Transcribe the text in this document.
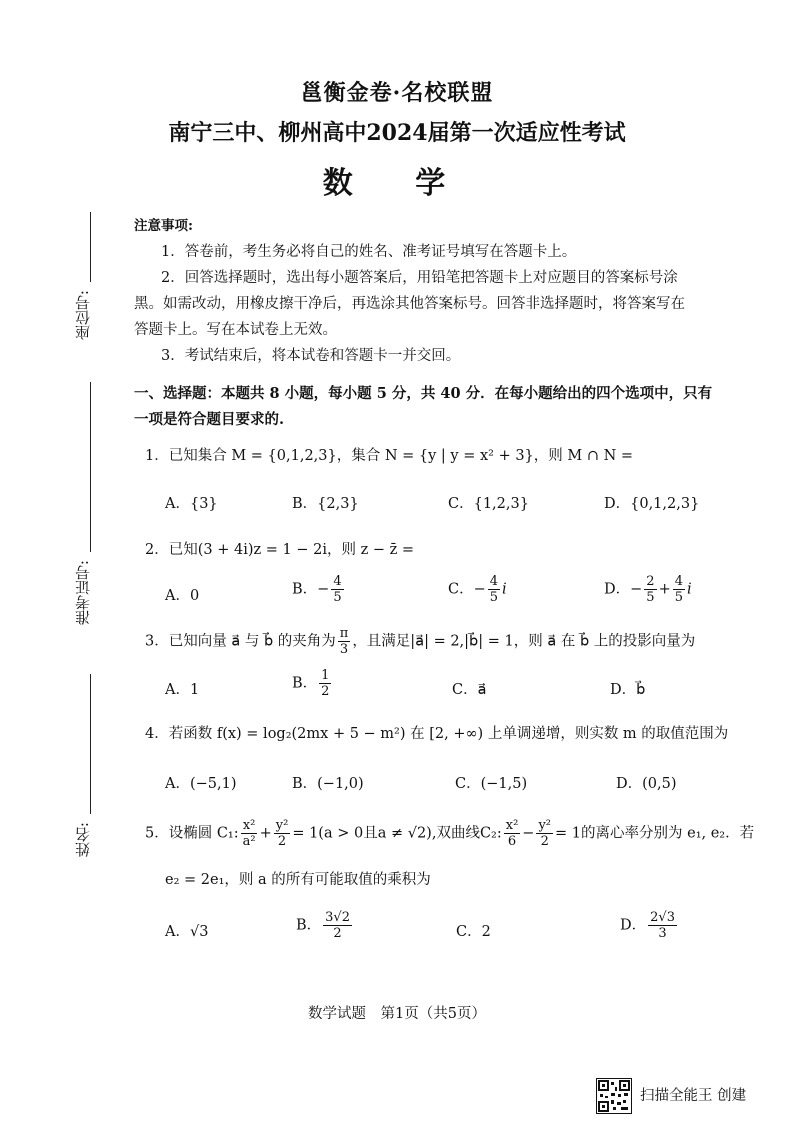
邕衡金卷·名校联盟
南宁三中、柳州高中2024届第一次适应性考试
数 学
座位号:
准考证号:
姓名:
注意事项:
1．答卷前，考生务必将自己的姓名、准考证号填写在答题卡上。
2．回答选择题时，选出每小题答案后，用铅笔把答题卡上对应题目的答案标号涂
黑。如需改动，用橡皮擦干净后，再选涂其他答案标号。回答非选择题时，将答案写在
答题卡上。写在本试卷上无效。
3．考试结束后，将本试卷和答题卡一并交回。
一、选择题：本题共 8 小题，每小题 5 分，共 40 分．在每小题给出的四个选项中，只有
一项是符合题目要求的.
1．已知集合 M = {0,1,2,3}，集合 N = {y | y = x² + 3}，则 M ∩ N =
A．{3}	B．{2,3}	C．{1,2,3}	D．{0,1,2,3}
2．已知(3 + 4i)z = 1 − 2i，则 z − z̄ =
A．0	B．− $\frac{4}{5}$	C．− $\frac{4}{5}$ i	D．− $\frac{2}{5} + \frac{4}{5}$ i
3．已知向量 a⃗ 与 b⃗ 的夹角为 $\frac{\pi}{3}$ ，且满足|a⃗| = 2,|b⃗| = 1，则 a⃗ 在 b⃗ 上的投影向量为
A．1	B． $\frac{1}{2}$	C．a⃗	D．b⃗
4．若函数 f(x) = log₂(2mx + 5 − m²) 在 [2, +∞) 上单调递增，则实数 m 的取值范围为
A．(−5,1)	B．(−1,0)	C．(−1,5)	D．(0,5)
5．设椭圆 C₁: $\frac{\text{x²}}{\text{a²}} + \frac{\text{y²}}{2} = 1(a > 0$且a ≠ √2),双曲线C₂: $\frac{\text{x²}}{6} - \frac{\text{y²}}{2} = 1$的离心率分别为 e₁, e₂．若
e₂ = 2e₁，则 a 的所有可能取值的乘积为
A．√3	B． $\frac{3√2}{2}$	C．2	D． $\frac{2√3}{3}$
数学试题　第1页（共5页）
扫描全能王 创建
